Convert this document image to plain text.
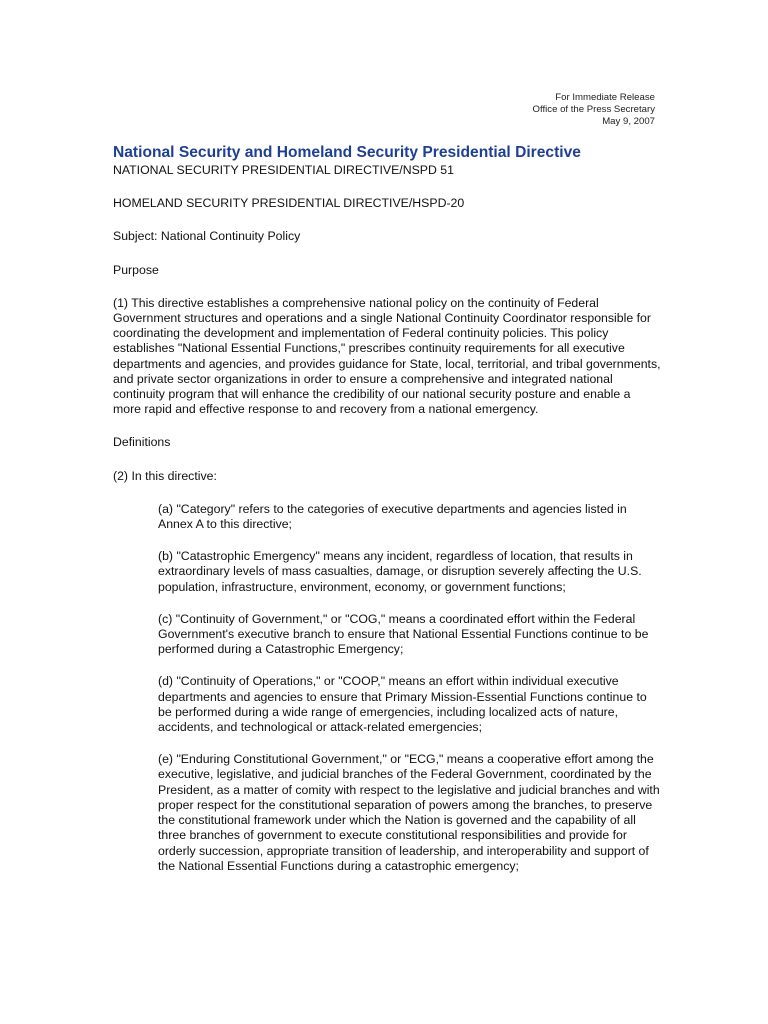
For Immediate Release
Office of the Press Secretary
May 9, 2007
National Security and Homeland Security Presidential Directive

NATIONAL SECURITY PRESIDENTIAL DIRECTIVE/NSPD 51

HOMELAND SECURITY PRESIDENTIAL DIRECTIVE/HSPD-20

Subject: National Continuity Policy

Purpose

(1) This directive establishes a comprehensive national policy on the continuity of Federal Government structures and operations and a single National Continuity Coordinator responsible for coordinating the development and implementation of Federal continuity policies. This policy establishes "National Essential Functions," prescribes continuity requirements for all executive departments and agencies, and provides guidance for State, local, territorial, and tribal governments, and private sector organizations in order to ensure a comprehensive and integrated national continuity program that will enhance the credibility of our national security posture and enable a more rapid and effective response to and recovery from a national emergency.

Definitions

(2) In this directive:

(a) "Category" refers to the categories of executive departments and agencies listed in Annex A to this directive;

(b) "Catastrophic Emergency" means any incident, regardless of location, that results in extraordinary levels of mass casualties, damage, or disruption severely affecting the U.S. population, infrastructure, environment, economy, or government functions;

(c) "Continuity of Government," or "COG," means a coordinated effort within the Federal Government's executive branch to ensure that National Essential Functions continue to be performed during a Catastrophic Emergency;

(d) "Continuity of Operations," or "COOP," means an effort within individual executive departments and agencies to ensure that Primary Mission-Essential Functions continue to be performed during a wide range of emergencies, including localized acts of nature, accidents, and technological or attack-related emergencies;

(e) "Enduring Constitutional Government," or "ECG," means a cooperative effort among the executive, legislative, and judicial branches of the Federal Government, coordinated by the President, as a matter of comity with respect to the legislative and judicial branches and with proper respect for the constitutional separation of powers among the branches, to preserve the constitutional framework under which the Nation is governed and the capability of all three branches of government to execute constitutional responsibilities and provide for orderly succession, appropriate transition of leadership, and interoperability and support of the National Essential Functions during a catastrophic emergency;
